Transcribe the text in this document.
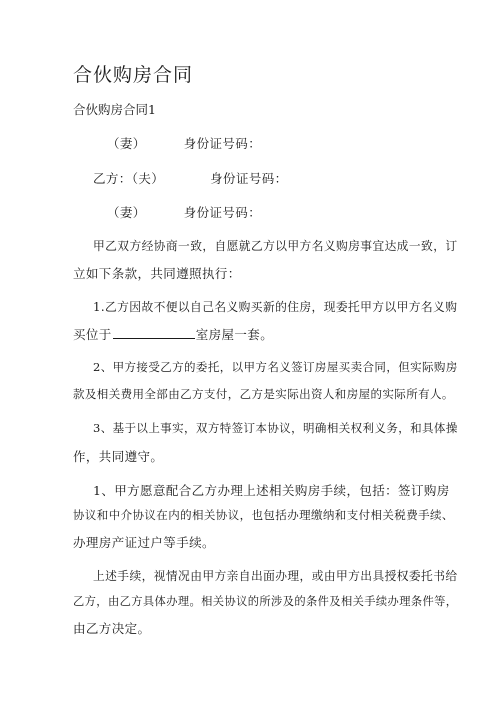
合伙购房合同
合伙购房合同1
（妻）	身份证号码：
乙方：（夫）	身份证号码：
（妻）	身份证号码：
甲乙双方经协商一致，自愿就乙方以甲方名义购房事宜达成一致，订
立如下条款，共同遵照执行：
1.乙方因故不便以自己名义购买新的住房，现委托甲方以甲方名义购
买位于	室房屋一套。
2、甲方接受乙方的委托，以甲方名义签订房屋买卖合同，但实际购房
款及相关费用全部由乙方支付，乙方是实际出资人和房屋的实际所有人。
3、基于以上事实，双方特签订本协议，明确相关权利义务，和具体操
作，共同遵守。
1、甲方愿意配合乙方办理上述相关购房手续，包括：签订购房
协议和中介协议在内的相关协议，也包括办理缴纳和支付相关税费手续、
办理房产证过户等手续。
上述手续，视情况由甲方亲自出面办理，或由甲方出具授权委托书给
乙方，由乙方具体办理。相关协议的所涉及的条件及相关手续办理条件等，
由乙方决定。
